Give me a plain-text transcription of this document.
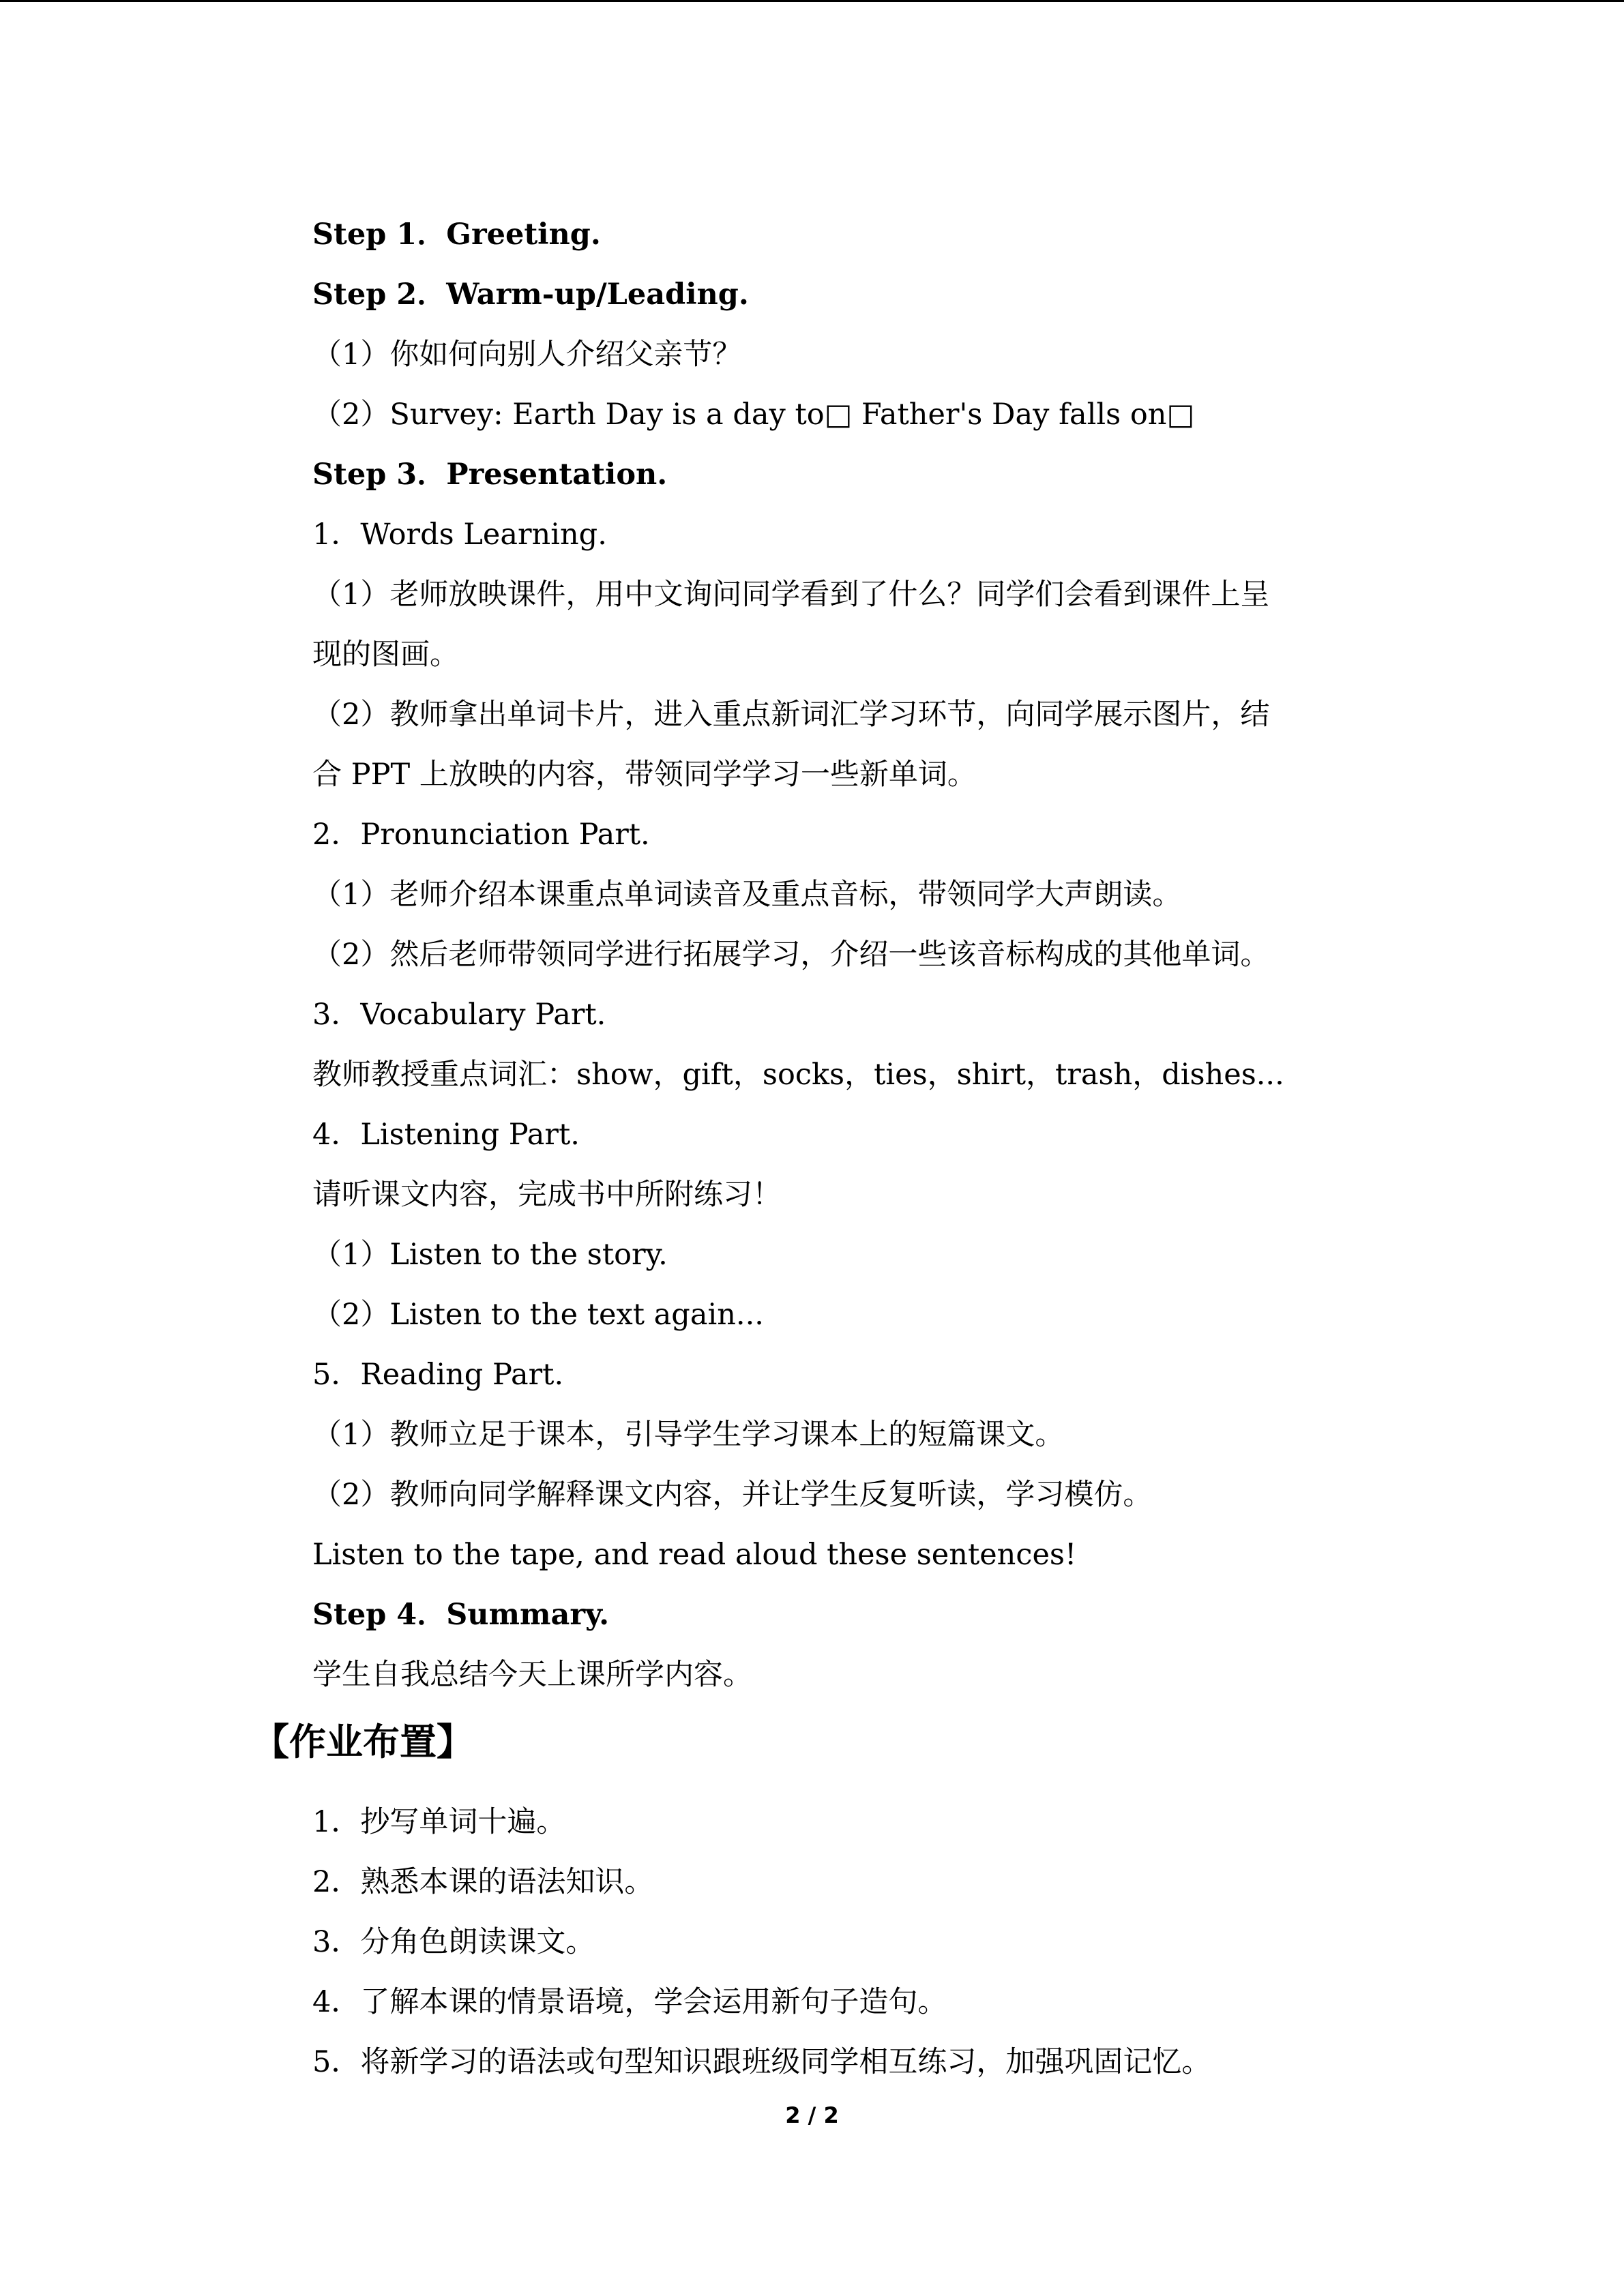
Step 1．Greeting.
Step 2．Warm-up/Leading.
（1）你如何向别人介绍父亲节？
（2）Survey: Earth Day is a day to□ Father's Day falls on□
Step 3．Presentation.
1．Words Learning.
（1）老师放映课件，用中文询问同学看到了什么？同学们会看到课件上呈
现的图画。
（2）教师拿出单词卡片，进入重点新词汇学习环节，向同学展示图片，结
合 PPT 上放映的内容，带领同学学习一些新单词。
2．Pronunciation Part.
（1）老师介绍本课重点单词读音及重点音标，带领同学大声朗读。
（2）然后老师带领同学进行拓展学习，介绍一些该音标构成的其他单词。
3．Vocabulary Part.
教师教授重点词汇：show，gift，socks，ties，shirt，trash，dishes...
4．Listening Part.
请听课文内容，完成书中所附练习！
（1）Listen to the story.
（2）Listen to the text again...
5．Reading Part.
（1）教师立足于课本，引导学生学习课本上的短篇课文。
（2）教师向同学解释课文内容，并让学生反复听读，学习模仿。
Listen to the tape, and read aloud these sentences!
Step 4．Summary.
学生自我总结今天上课所学内容。
【作业布置】
1．抄写单词十遍。
2．熟悉本课的语法知识。
3．分角色朗读课文。
4．了解本课的情景语境，学会运用新句子造句。
5．将新学习的语法或句型知识跟班级同学相互练习，加强巩固记忆。
2 / 2
